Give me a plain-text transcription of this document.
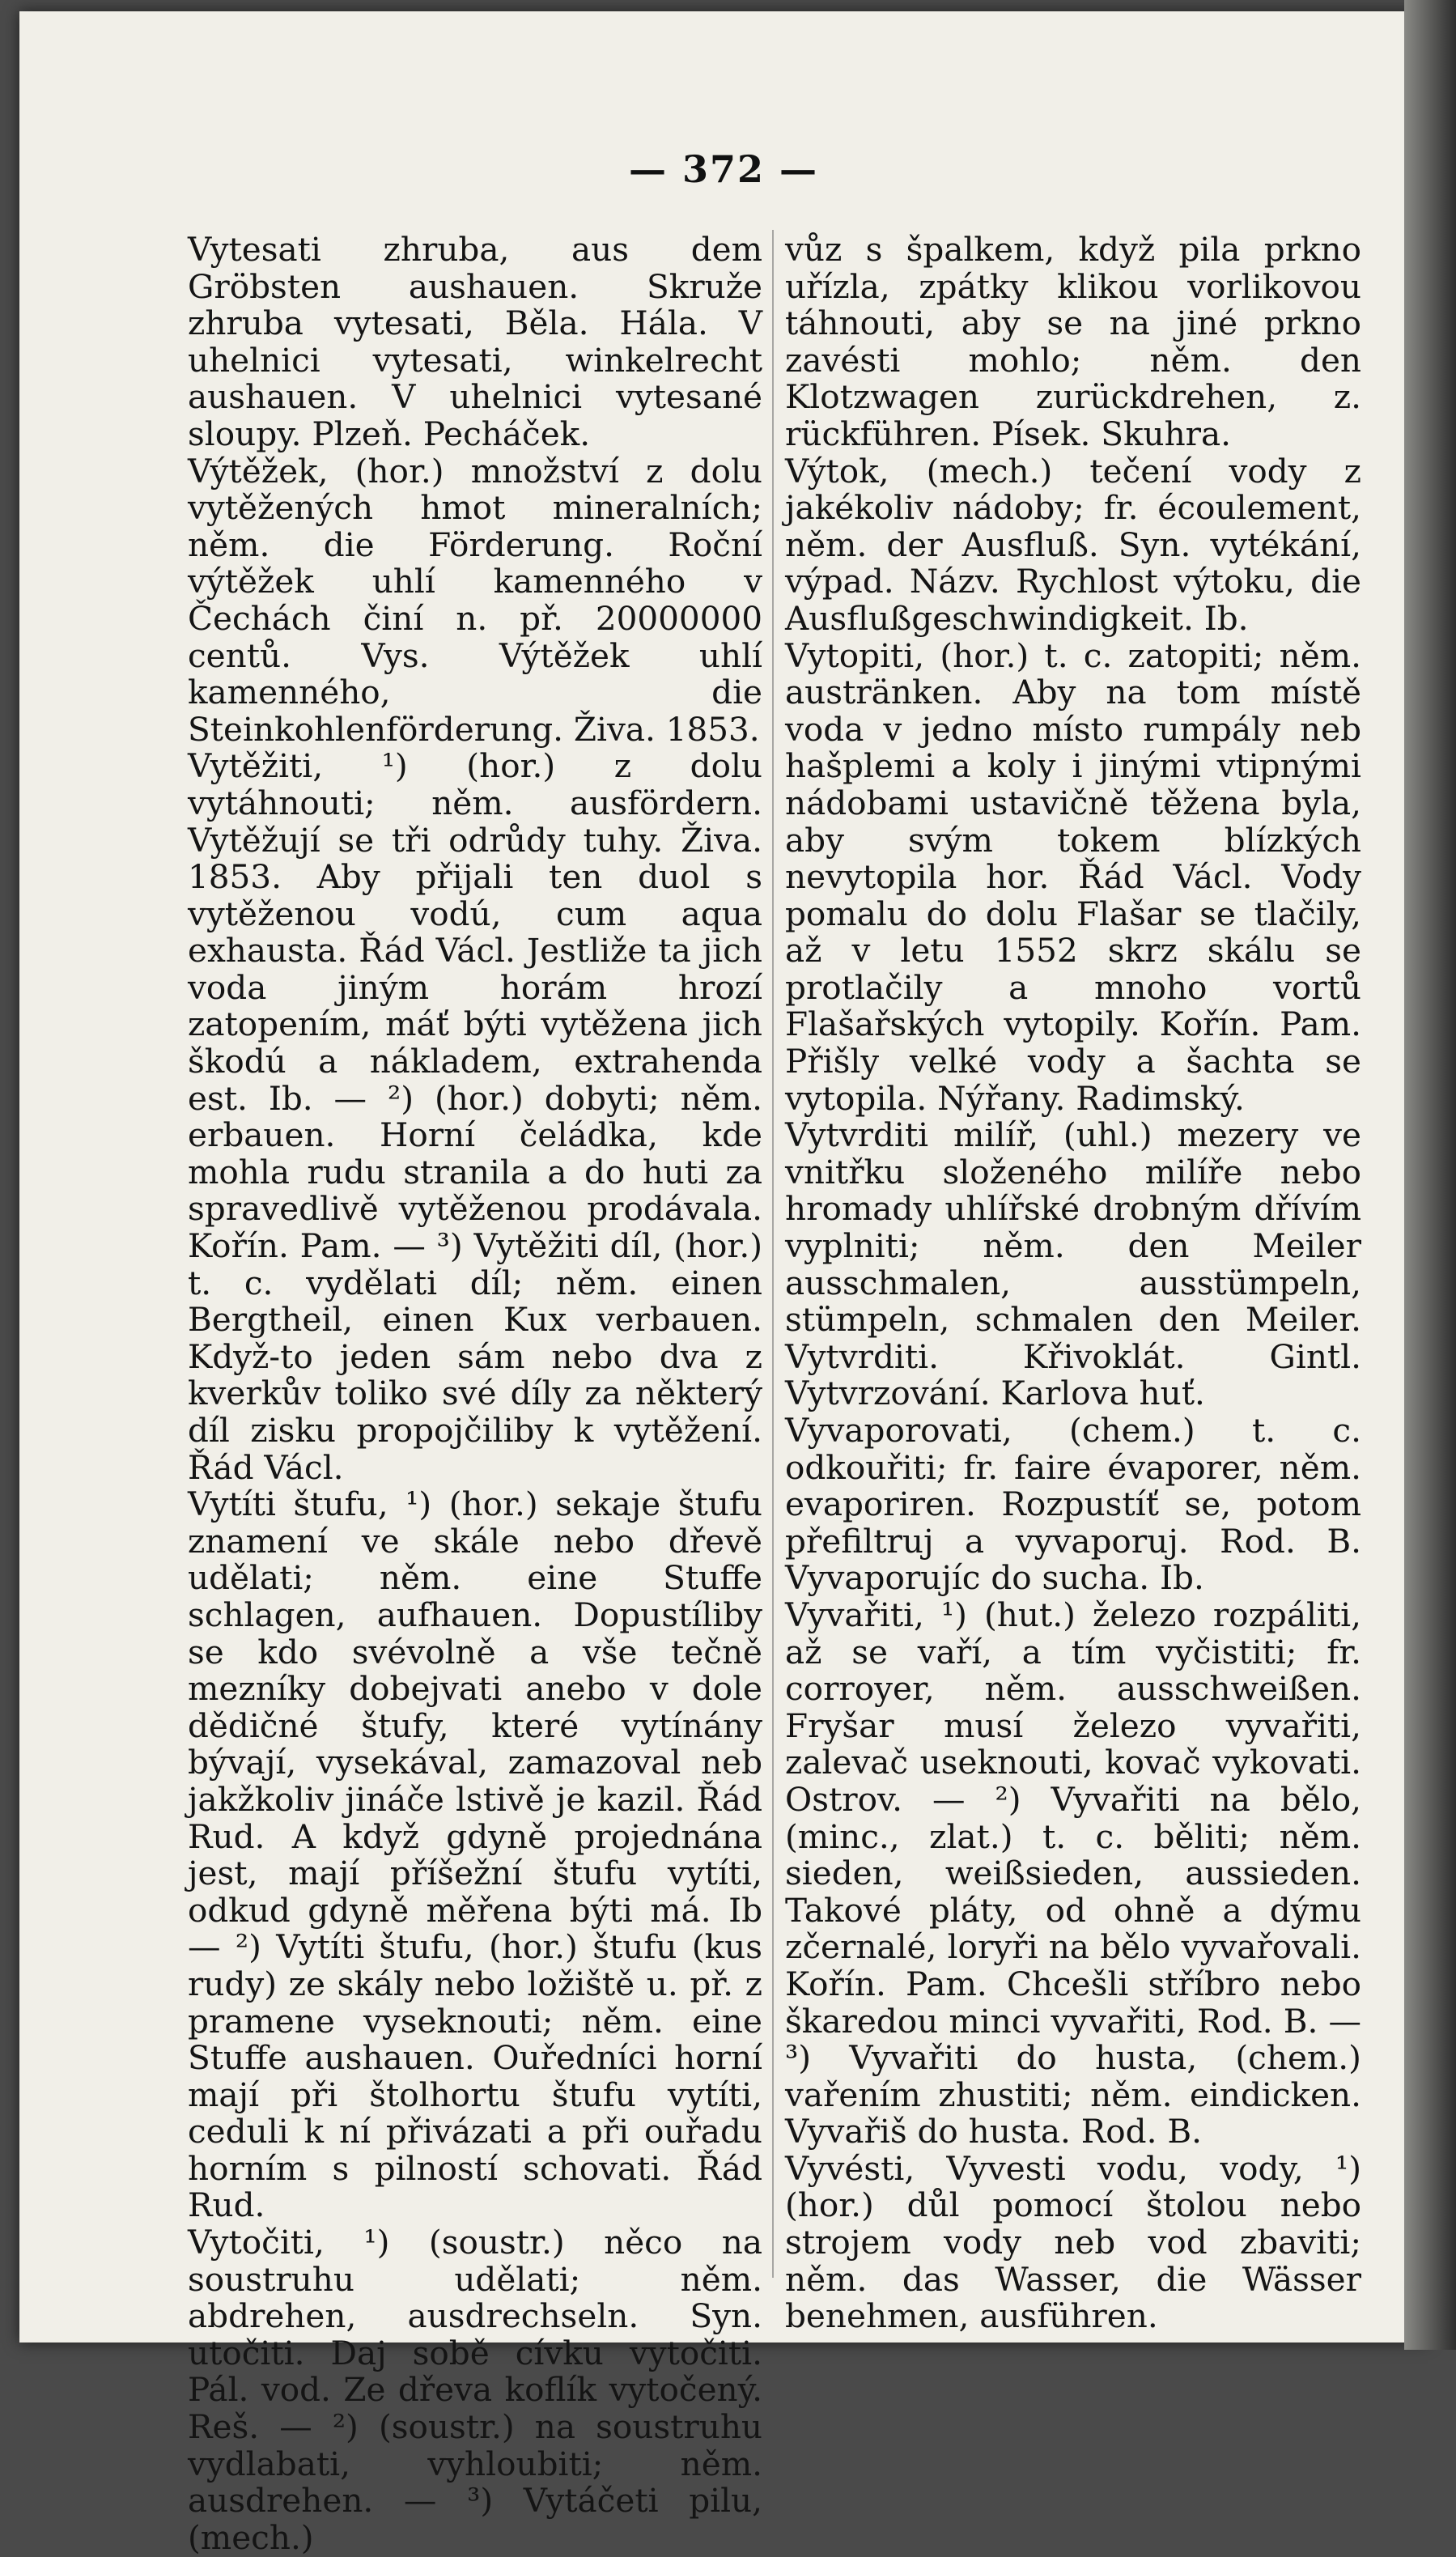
— 372 —

Vytesati zhruba, aus dem Gröbsten aushauen. Skruže zhruba vytesati, Běla. Hála. V uhelnici vytesati, winkelrecht aushauen. V uhelnici vytesané sloupy. Plzeň. Pecháček.

Výtěžek, (hor.) množství z dolu vytěžených hmot mineralních; něm. die Förderung. Roční výtěžek uhlí kamenného v Čechách činí n. př. 20000000 centů. Vys. Výtěžek uhlí kamenného, die Steinkohlenförderung. Živa. 1853.

Vytěžiti, ¹) (hor.) z dolu vytáhnouti; něm. ausfördern. Vytěžují se tři odrůdy tuhy. Živa. 1853. Aby přijali ten duol s vytěženou vodú, cum aqua exhausta. Řád Václ. Jestliže ta jich voda jiným horám hrozí zatopením, máť býti vytěžena jich škodú a nákladem, extrahenda est. Ib. — ²) (hor.) dobyti; něm. erbauen. Horní čeládka, kde mohla rudu stranila a do huti za spravedlivě vytěženou prodávala. Kořín. Pam. — ³) Vytěžiti díl, (hor.) t. c. vydělati díl; něm. einen Bergtheil, einen Kux verbauen. Když-to jeden sám nebo dva z kverkův toliko své díly za některý díl zisku propojčiliby k vytěžení. Řád Václ.

Vytíti štufu, ¹) (hor.) sekaje štufu znamení ve skále nebo dřevě udělati; něm. eine Stuffe schlagen, aufhauen. Dopustíliby se kdo svévolně a vše tečně mezníky dobejvati anebo v dole dědičné štufy, které vytínány bývají, vysekával, zamazoval neb jakžkoliv jináče lstivě je kazil. Řád Rud. A když gdyně projednána jest, mají příšežní štufu vytíti, odkud gdyně měřena býti má. Ib — ²) Vytíti štufu, (hor.) štufu (kus rudy) ze skály nebo ložiště u. př. z pramene vyseknouti; něm. eine Stuffe aushauen. Ouředníci horní mají při štolhortu štufu vytíti, ceduli k ní přivázati a při ouřadu horním s pilností schovati. Řád Rud.

Vytočiti, ¹) (soustr.) něco na soustruhu udělati; něm. abdrehen, ausdrechseln. Syn. utočiti. Daj sobě cívku vytočiti. Pál. vod. Ze dřeva koflík vytočený. Reš. — ²) (soustr.) na soustruhu vydlabati, vyhloubiti; něm. ausdrehen. — ³) Vytáčeti pilu, (mech.)

vůz s špalkem, když pila prkno uřízla, zpátky klikou vorlikovou táhnouti, aby se na jiné prkno zavésti mohlo; něm. den Klotzwagen zurückdrehen, z. rückführen. Písek. Skuhra.

Výtok, (mech.) tečení vody z jakékoliv nádoby; fr. écoulement, něm. der Ausfluß. Syn. vytékání, výpad. Názv. Rychlost výtoku, die Ausflußgeschwindigkeit. Ib.

Vytopiti, (hor.) t. c. zatopiti; něm. austränken. Aby na tom místě voda v jedno místo rumpály neb hašplemi a koly i jinými vtipnými nádobami ustavičně těžena byla, aby svým tokem blízkých nevytopila hor. Řád Václ. Vody pomalu do dolu Flašar se tlačily, až v letu 1552 skrz skálu se protlačily a mnoho vortů Flašařských vytopily. Kořín. Pam. Přišly velké vody a šachta se vytopila. Nýřany. Radimský.

Vytvrditi milíř, (uhl.) mezery ve vnitřku složeného milíře nebo hromady uhlířské drobným dřívím vyplniti; něm. den Meiler ausschmalen, ausstümpeln, stümpeln, schmalen den Meiler. Vytvrditi. Křivoklát. Gintl. Vytvrzování. Karlova huť.

Vyvaporovati, (chem.) t. c. odkouřiti; fr. faire évaporer, něm. evaporiren. Rozpustíť se, potom přefiltruj a vyvaporuj. Rod. B. Vyvaporujíc do sucha. Ib.

Vyvařiti, ¹) (hut.) železo rozpáliti, až se vaří, a tím vyčistiti; fr. corroyer, něm. ausschweißen. Fryšar musí železo vyvařiti, zalevač useknouti, kovač vykovati. Ostrov. — ²) Vyvařiti na bělo, (minc., zlat.) t. c. běliti; něm. sieden, weißsieden, aussieden. Takové pláty, od ohně a dýmu zčernalé, loryři na bělo vyvařovali. Kořín. Pam. Chcešli stříbro nebo škaredou minci vyvařiti, Rod. B. — ³) Vyvařiti do husta, (chem.) vařením zhustiti; něm. eindicken. Vyvařiš do husta. Rod. B.

Vyvésti, Vyvesti vodu, vody, ¹) (hor.) důl pomocí štolou nebo strojem vody neb vod zbaviti; něm. das Wasser, die Wässer benehmen, ausführen.
